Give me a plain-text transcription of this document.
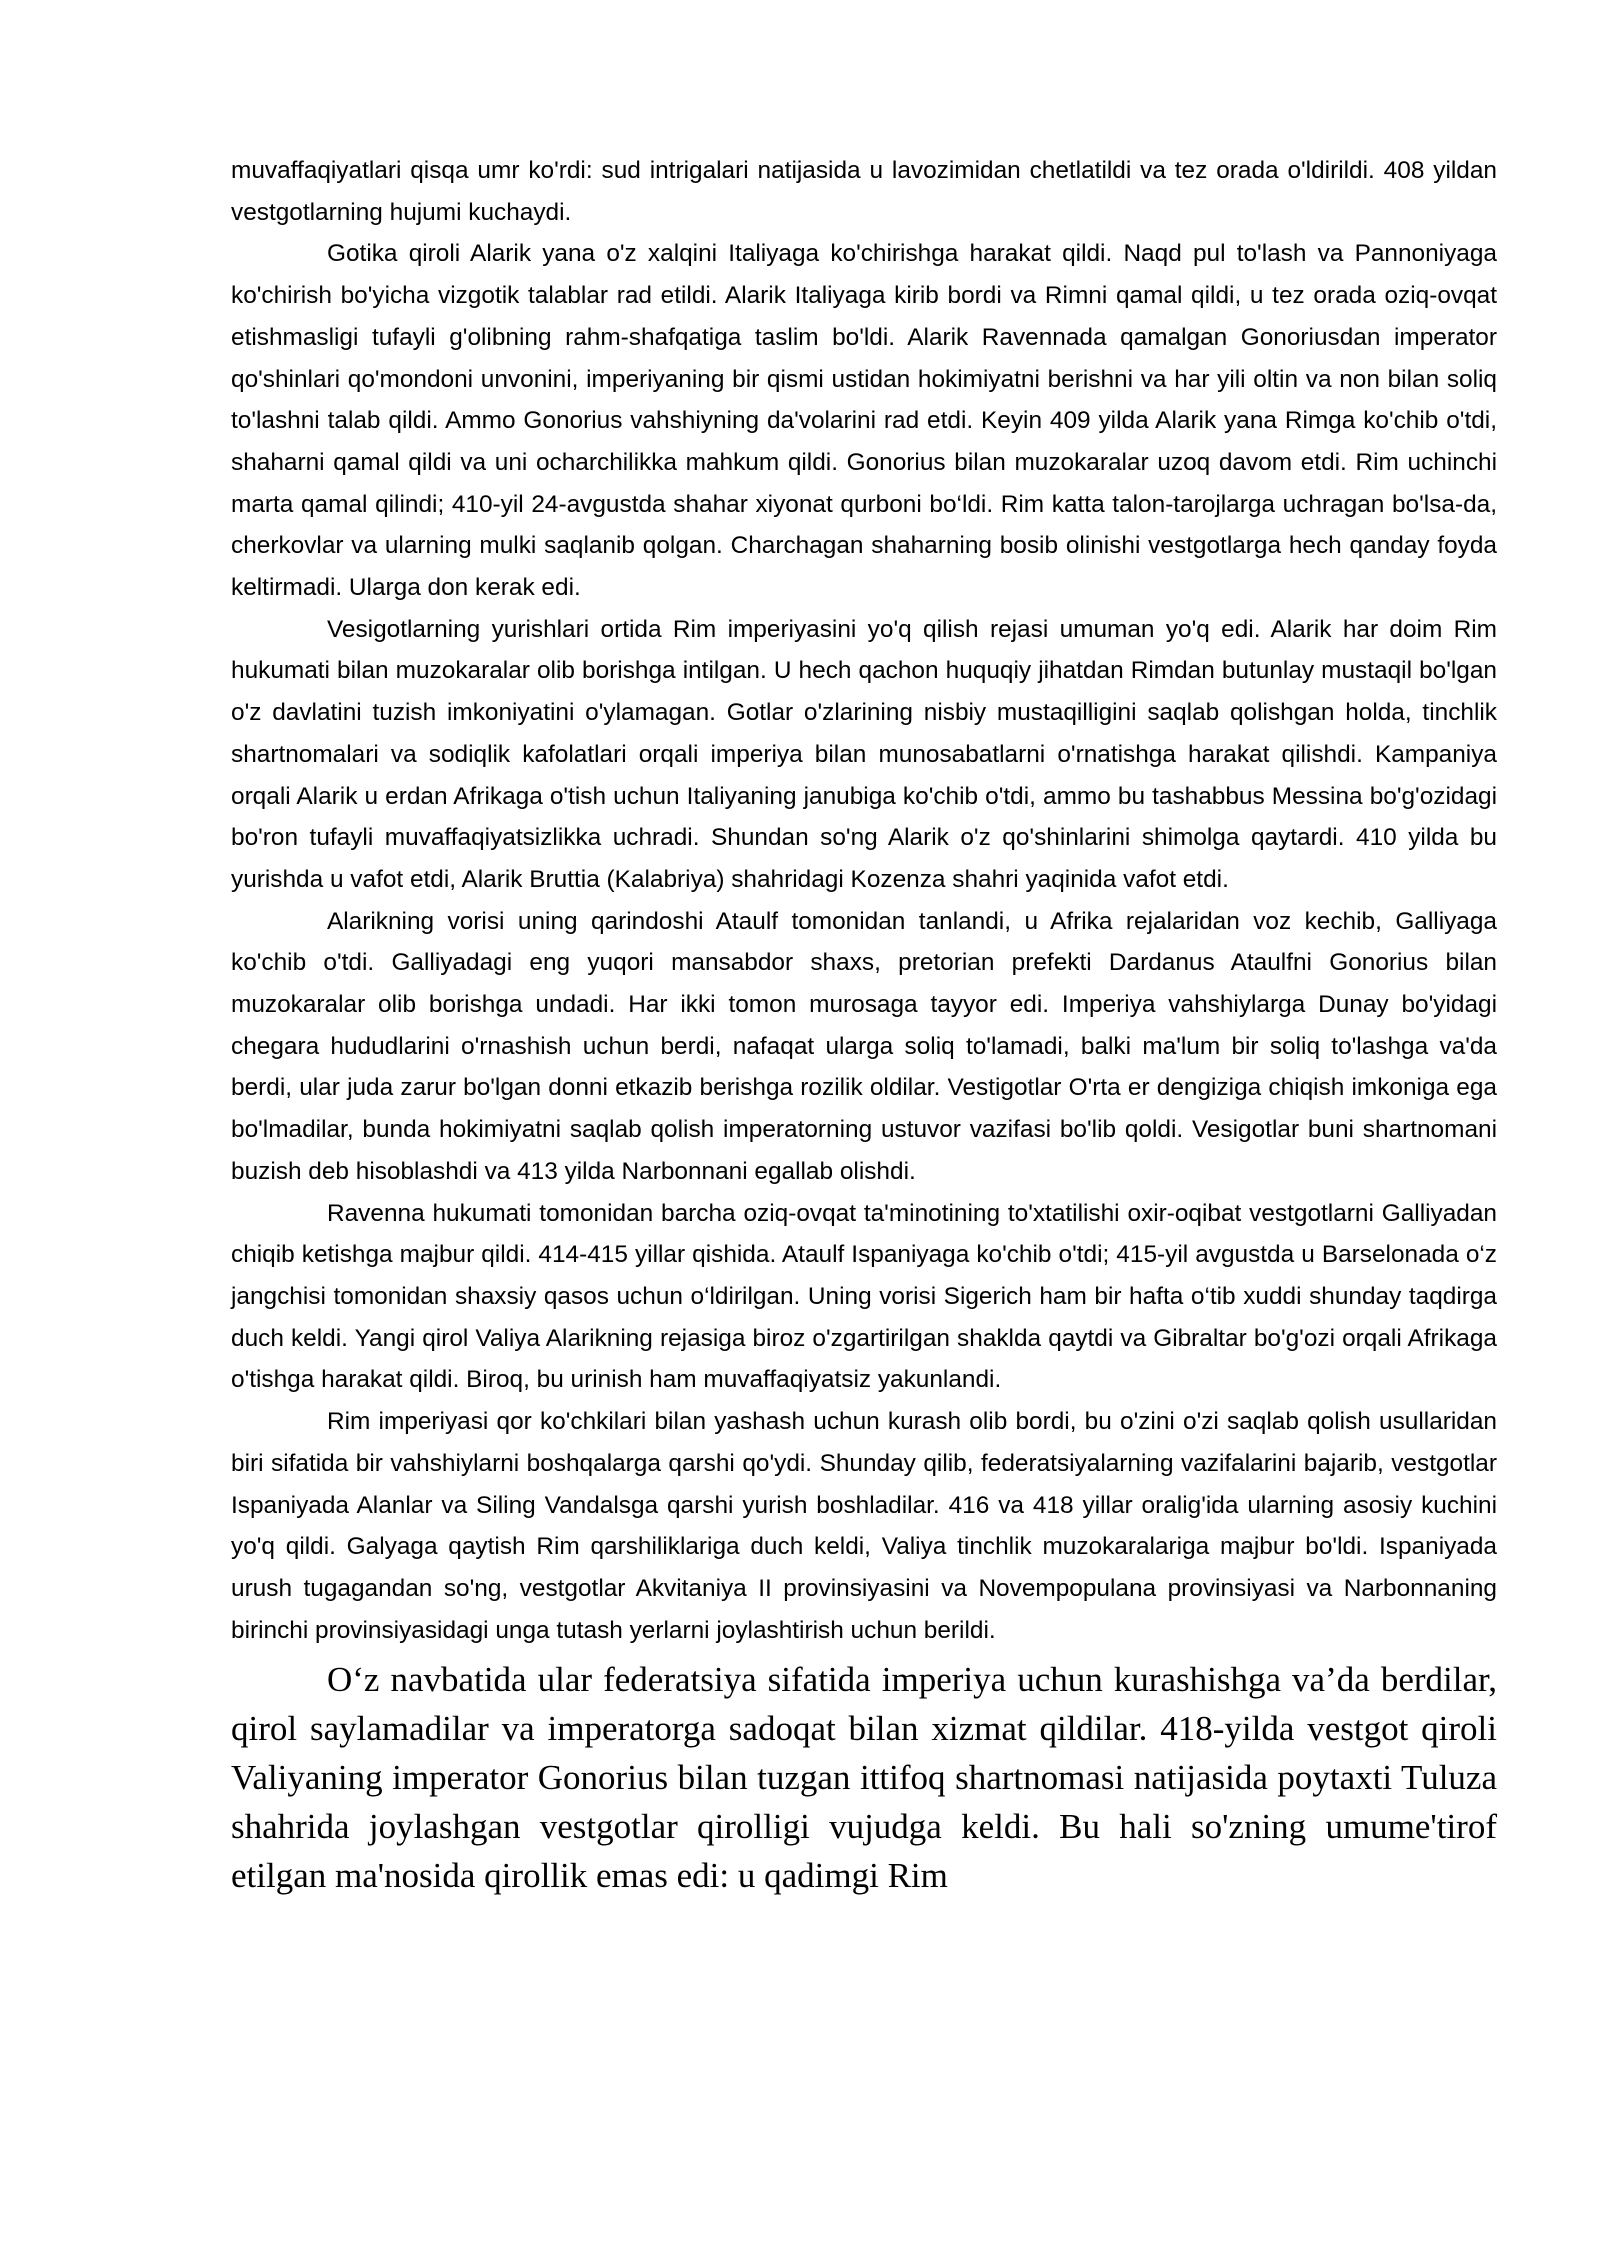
muvaffaqiyatlari qisqa umr ko'rdi: sud intrigalari natijasida u lavozimidan chetlatildi va tez orada o'ldirildi. 408 yildan vestgotlarning hujumi kuchaydi.

Gotika qiroli Alarik yana o'z xalqini Italiyaga ko'chirishga harakat qildi. Naqd pul to'lash va Pannoniyaga ko'chirish bo'yicha vizgotik talablar rad etildi. Alarik Italiyaga kirib bordi va Rimni qamal qildi, u tez orada oziq-ovqat etishmasligi tufayli g'olibning rahm-shafqatiga taslim bo'ldi. Alarik Ravennada qamalgan Gonoriusdan imperator qo'shinlari qo'mondoni unvonini, imperiyaning bir qismi ustidan hokimiyatni berishni va har yili oltin va non bilan soliq to'lashni talab qildi. Ammo Gonorius vahshiyning da'volarini rad etdi. Keyin 409 yilda Alarik yana Rimga ko'chib o'tdi, shaharni qamal qildi va uni ocharchilikka mahkum qildi. Gonorius bilan muzokaralar uzoq davom etdi. Rim uchinchi marta qamal qilindi; 410-yil 24-avgustda shahar xiyonat qurboni bo‘ldi. Rim katta talon-tarojlarga uchragan bo'lsa-da, cherkovlar va ularning mulki saqlanib qolgan. Charchagan shaharning bosib olinishi vestgotlarga hech qanday foyda keltirmadi. Ularga don kerak edi.

Vesigotlarning yurishlari ortida Rim imperiyasini yo'q qilish rejasi umuman yo'q edi. Alarik har doim Rim hukumati bilan muzokaralar olib borishga intilgan. U hech qachon huquqiy jihatdan Rimdan butunlay mustaqil bo'lgan o'z davlatini tuzish imkoniyatini o'ylamagan. Gotlar o'zlarining nisbiy mustaqilligini saqlab qolishgan holda, tinchlik shartnomalari va sodiqlik kafolatlari orqali imperiya bilan munosabatlarni o'rnatishga harakat qilishdi. Kampaniya orqali Alarik u erdan Afrikaga o'tish uchun Italiyaning janubiga ko'chib o'tdi, ammo bu tashabbus Messina bo'g'ozidagi bo'ron tufayli muvaffaqiyatsizlikka uchradi. Shundan so'ng Alarik o'z qo'shinlarini shimolga qaytardi. 410 yilda bu yurishda u vafot etdi, Alarik Bruttia (Kalabriya) shahridagi Kozenza shahri yaqinida vafot etdi.

Alarikning vorisi uning qarindoshi Ataulf tomonidan tanlandi, u Afrika rejalaridan voz kechib, Galliyaga ko'chib o'tdi. Galliyadagi eng yuqori mansabdor shaxs, pretorian prefekti Dardanus Ataulfni Gonorius bilan muzokaralar olib borishga undadi. Har ikki tomon murosaga tayyor edi. Imperiya vahshiylarga Dunay bo'yidagi chegara hududlarini o'rnashish uchun berdi, nafaqat ularga soliq to'lamadi, balki ma'lum bir soliq to'lashga va'da berdi, ular juda zarur bo'lgan donni etkazib berishga rozilik oldilar. Vestigotlar O'rta er dengiziga chiqish imkoniga ega bo'lmadilar, bunda hokimiyatni saqlab qolish imperatorning ustuvor vazifasi bo'lib qoldi. Vesigotlar buni shartnomani buzish deb hisoblashdi va 413 yilda Narbonnani egallab olishdi.

Ravenna hukumati tomonidan barcha oziq-ovqat ta'minotining to'xtatilishi oxir-oqibat vestgotlarni Galliyadan chiqib ketishga majbur qildi. 414-415 yillar qishida. Ataulf Ispaniyaga ko'chib o'tdi; 415-yil avgustda u Barselonada o‘z jangchisi tomonidan shaxsiy qasos uchun o‘ldirilgan. Uning vorisi Sigerich ham bir hafta o‘tib xuddi shunday taqdirga duch keldi. Yangi qirol Valiya Alarikning rejasiga biroz o'zgartirilgan shaklda qaytdi va Gibraltar bo'g'ozi orqali Afrikaga o'tishga harakat qildi. Biroq, bu urinish ham muvaffaqiyatsiz yakunlandi.

Rim imperiyasi qor ko'chkilari bilan yashash uchun kurash olib bordi, bu o'zini o'zi saqlab qolish usullaridan biri sifatida bir vahshiylarni boshqalarga qarshi qo'ydi. Shunday qilib, federatsiyalarning vazifalarini bajarib, vestgotlar Ispaniyada Alanlar va Siling Vandalsga qarshi yurish boshladilar. 416 va 418 yillar oralig'ida ularning asosiy kuchini yo'q qildi. Galyaga qaytish Rim qarshiliklariga duch keldi, Valiya tinchlik muzokaralariga majbur bo'ldi. Ispaniyada urush tugagandan so'ng, vestgotlar Akvitaniya II provinsiyasini va Novempopulana provinsiyasi va Narbonnaning birinchi provinsiyasidagi unga tutash yerlarni joylashtirish uchun berildi.

O‘z navbatida ular federatsiya sifatida imperiya uchun kurashishga va’da berdilar, qirol saylamadilar va imperatorga sadoqat bilan xizmat qildilar. 418-yilda vestgot qiroli Valiyaning imperator Gonorius bilan tuzgan ittifoq shartnomasi natijasida poytaxti Tuluza shahrida joylashgan vestgotlar qirolligi vujudga keldi. Bu hali so'zning umume'tirof etilgan ma'nosida qirollik emas edi: u qadimgi Rim
